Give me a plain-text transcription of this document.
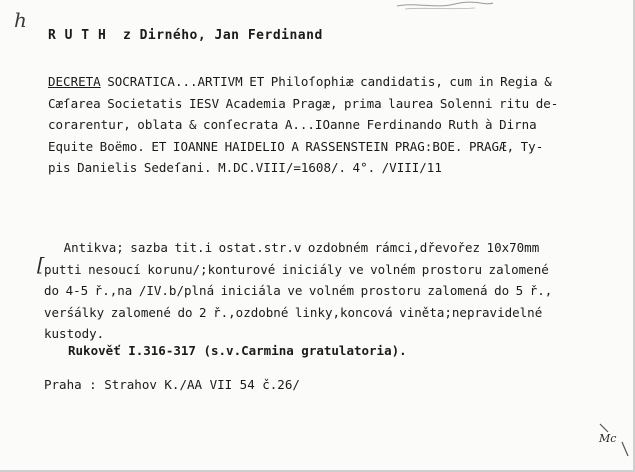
h
R U T H  z Dirného, Jan Ferdinand
DECRETA SOCRATICA...ARTIVM ET Philoſophiæ candidatis, cum in Regia &
Cæſarea Societatis IESV Academia Pragæ, prima laurea Solenni ritu de-
corarentur, oblata & conſecrata A...IOanne Ferdinando Ruth à Dirna
Equite Boëmo. ET IOANNE HAIDELIO A RASSENSTEIN PRAG:BOE. PRAGÆ, Ty-
pis Danielis Sedeſani. M.DC.VIII/=1608/. 4°. /VIII/11
[
Antikva; sazba tit.i ostat.str.v ozdobném rámci,dřevořez 10x70mm
putti nesoucí korunu/;konturové iniciály ve volném prostoru zalomené
do 4-5 ř.,na /IV.b/plná iniciála ve volném prostoru zalomená do 5 ř.,
verśálky zalomené do 2 ř.,ozdobné linky,koncová viněta;nepravidelné
kustody.
Rukověť I.316-317 (s.v.Carmina gratulatoria).
Praha : Strahov K./AA VII 54 č.26/
Mc
